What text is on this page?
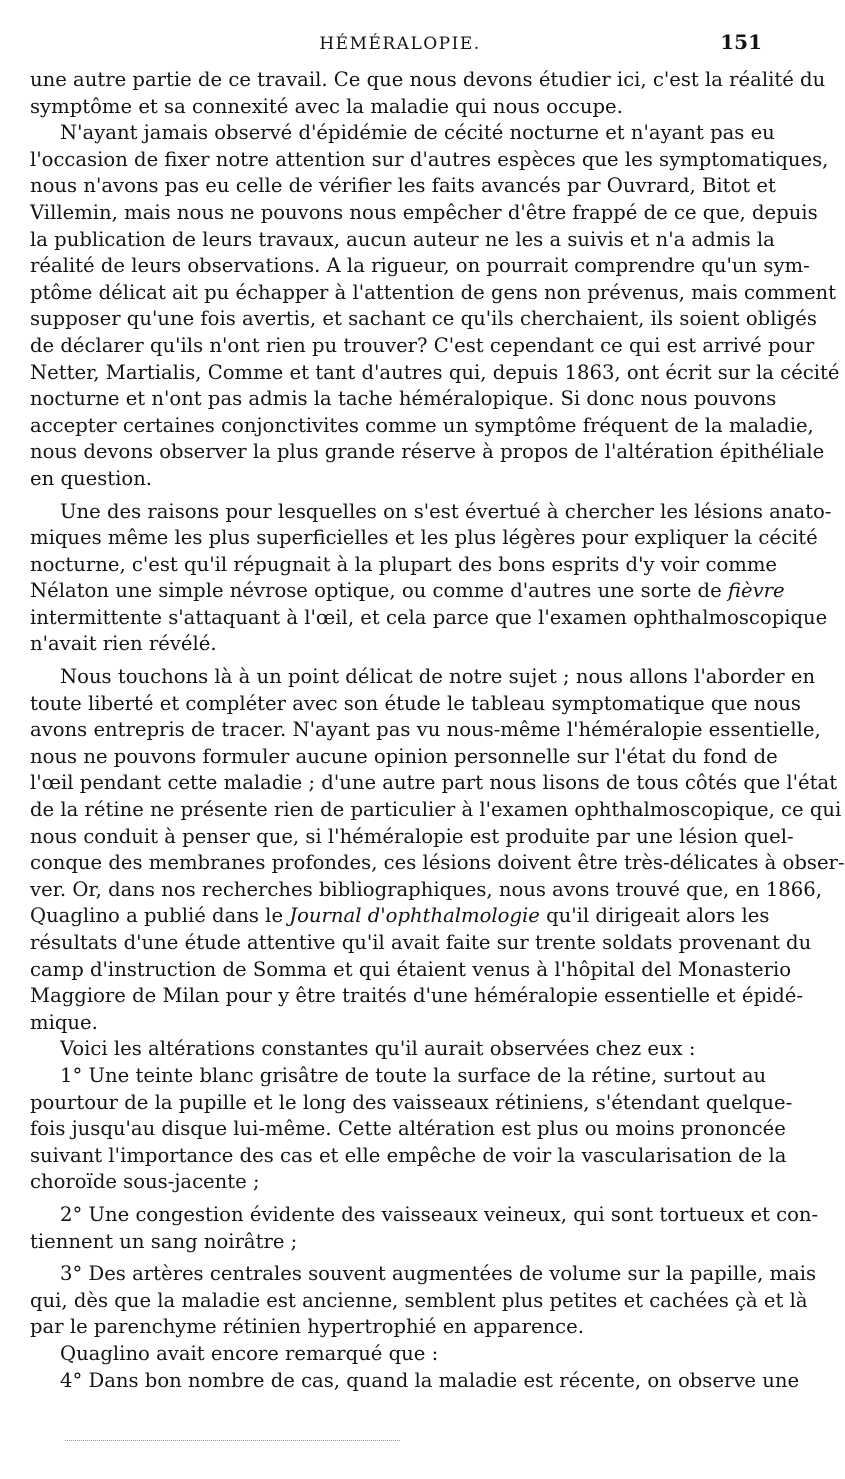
HÉMÉRALOPIE.	151
une autre partie de ce travail. Ce que nous devons étudier ici, c'est la réalité du
symptôme et sa connexité avec la maladie qui nous occupe.
N'ayant jamais observé d'épidémie de cécité nocturne et n'ayant pas eu
l'occasion de fixer notre attention sur d'autres espèces que les symptomatiques,
nous n'avons pas eu celle de vérifier les faits avancés par Ouvrard, Bitot et
Villemin, mais nous ne pouvons nous empêcher d'être frappé de ce que, depuis
la publication de leurs travaux, aucun auteur ne les a suivis et n'a admis la
réalité de leurs observations. A la rigueur, on pourrait comprendre qu'un sym-
ptôme délicat ait pu échapper à l'attention de gens non prévenus, mais comment
supposer qu'une fois avertis, et sachant ce qu'ils cherchaient, ils soient obligés
de déclarer qu'ils n'ont rien pu trouver? C'est cependant ce qui est arrivé pour
Netter, Martialis, Comme et tant d'autres qui, depuis 1863, ont écrit sur la cécité
nocturne et n'ont pas admis la tache héméralopique. Si donc nous pouvons
accepter certaines conjonctivites comme un symptôme fréquent de la maladie,
nous devons observer la plus grande réserve à propos de l'altération épithéliale
en question.
Une des raisons pour lesquelles on s'est évertué à chercher les lésions anato-
miques même les plus superficielles et les plus légères pour expliquer la cécité
nocturne, c'est qu'il répugnait à la plupart des bons esprits d'y voir comme
Nélaton une simple névrose optique, ou comme d'autres une sorte de fièvre
intermittente s'attaquant à l'œil, et cela parce que l'examen ophthalmoscopique
n'avait rien révélé.
Nous touchons là à un point délicat de notre sujet ; nous allons l'aborder en
toute liberté et compléter avec son étude le tableau symptomatique que nous
avons entrepris de tracer. N'ayant pas vu nous-même l'héméralopie essentielle,
nous ne pouvons formuler aucune opinion personnelle sur l'état du fond de
l'œil pendant cette maladie ; d'une autre part nous lisons de tous côtés que l'état
de la rétine ne présente rien de particulier à l'examen ophthalmoscopique, ce qui
nous conduit à penser que, si l'héméralopie est produite par une lésion quel-
conque des membranes profondes, ces lésions doivent être très-délicates à obser-
ver. Or, dans nos recherches bibliographiques, nous avons trouvé que, en 1866,
Quaglino a publié dans le Journal d'ophthalmologie qu'il dirigeait alors les
résultats d'une étude attentive qu'il avait faite sur trente soldats provenant du
camp d'instruction de Somma et qui étaient venus à l'hôpital del Monasterio
Maggiore de Milan pour y être traités d'une héméralopie essentielle et épidé-
mique.
Voici les altérations constantes qu'il aurait observées chez eux :
1° Une teinte blanc grisâtre de toute la surface de la rétine, surtout au
pourtour de la pupille et le long des vaisseaux rétiniens, s'étendant quelque-
fois jusqu'au disque lui-même. Cette altération est plus ou moins prononcée
suivant l'importance des cas et elle empêche de voir la vascularisation de la
choroïde sous-jacente ;
2° Une congestion évidente des vaisseaux veineux, qui sont tortueux et con-
tiennent un sang noirâtre ;
3° Des artères centrales souvent augmentées de volume sur la papille, mais
qui, dès que la maladie est ancienne, semblent plus petites et cachées çà et là
par le parenchyme rétinien hypertrophié en apparence.
Quaglino avait encore remarqué que :
4° Dans bon nombre de cas, quand la maladie est récente, on observe une
